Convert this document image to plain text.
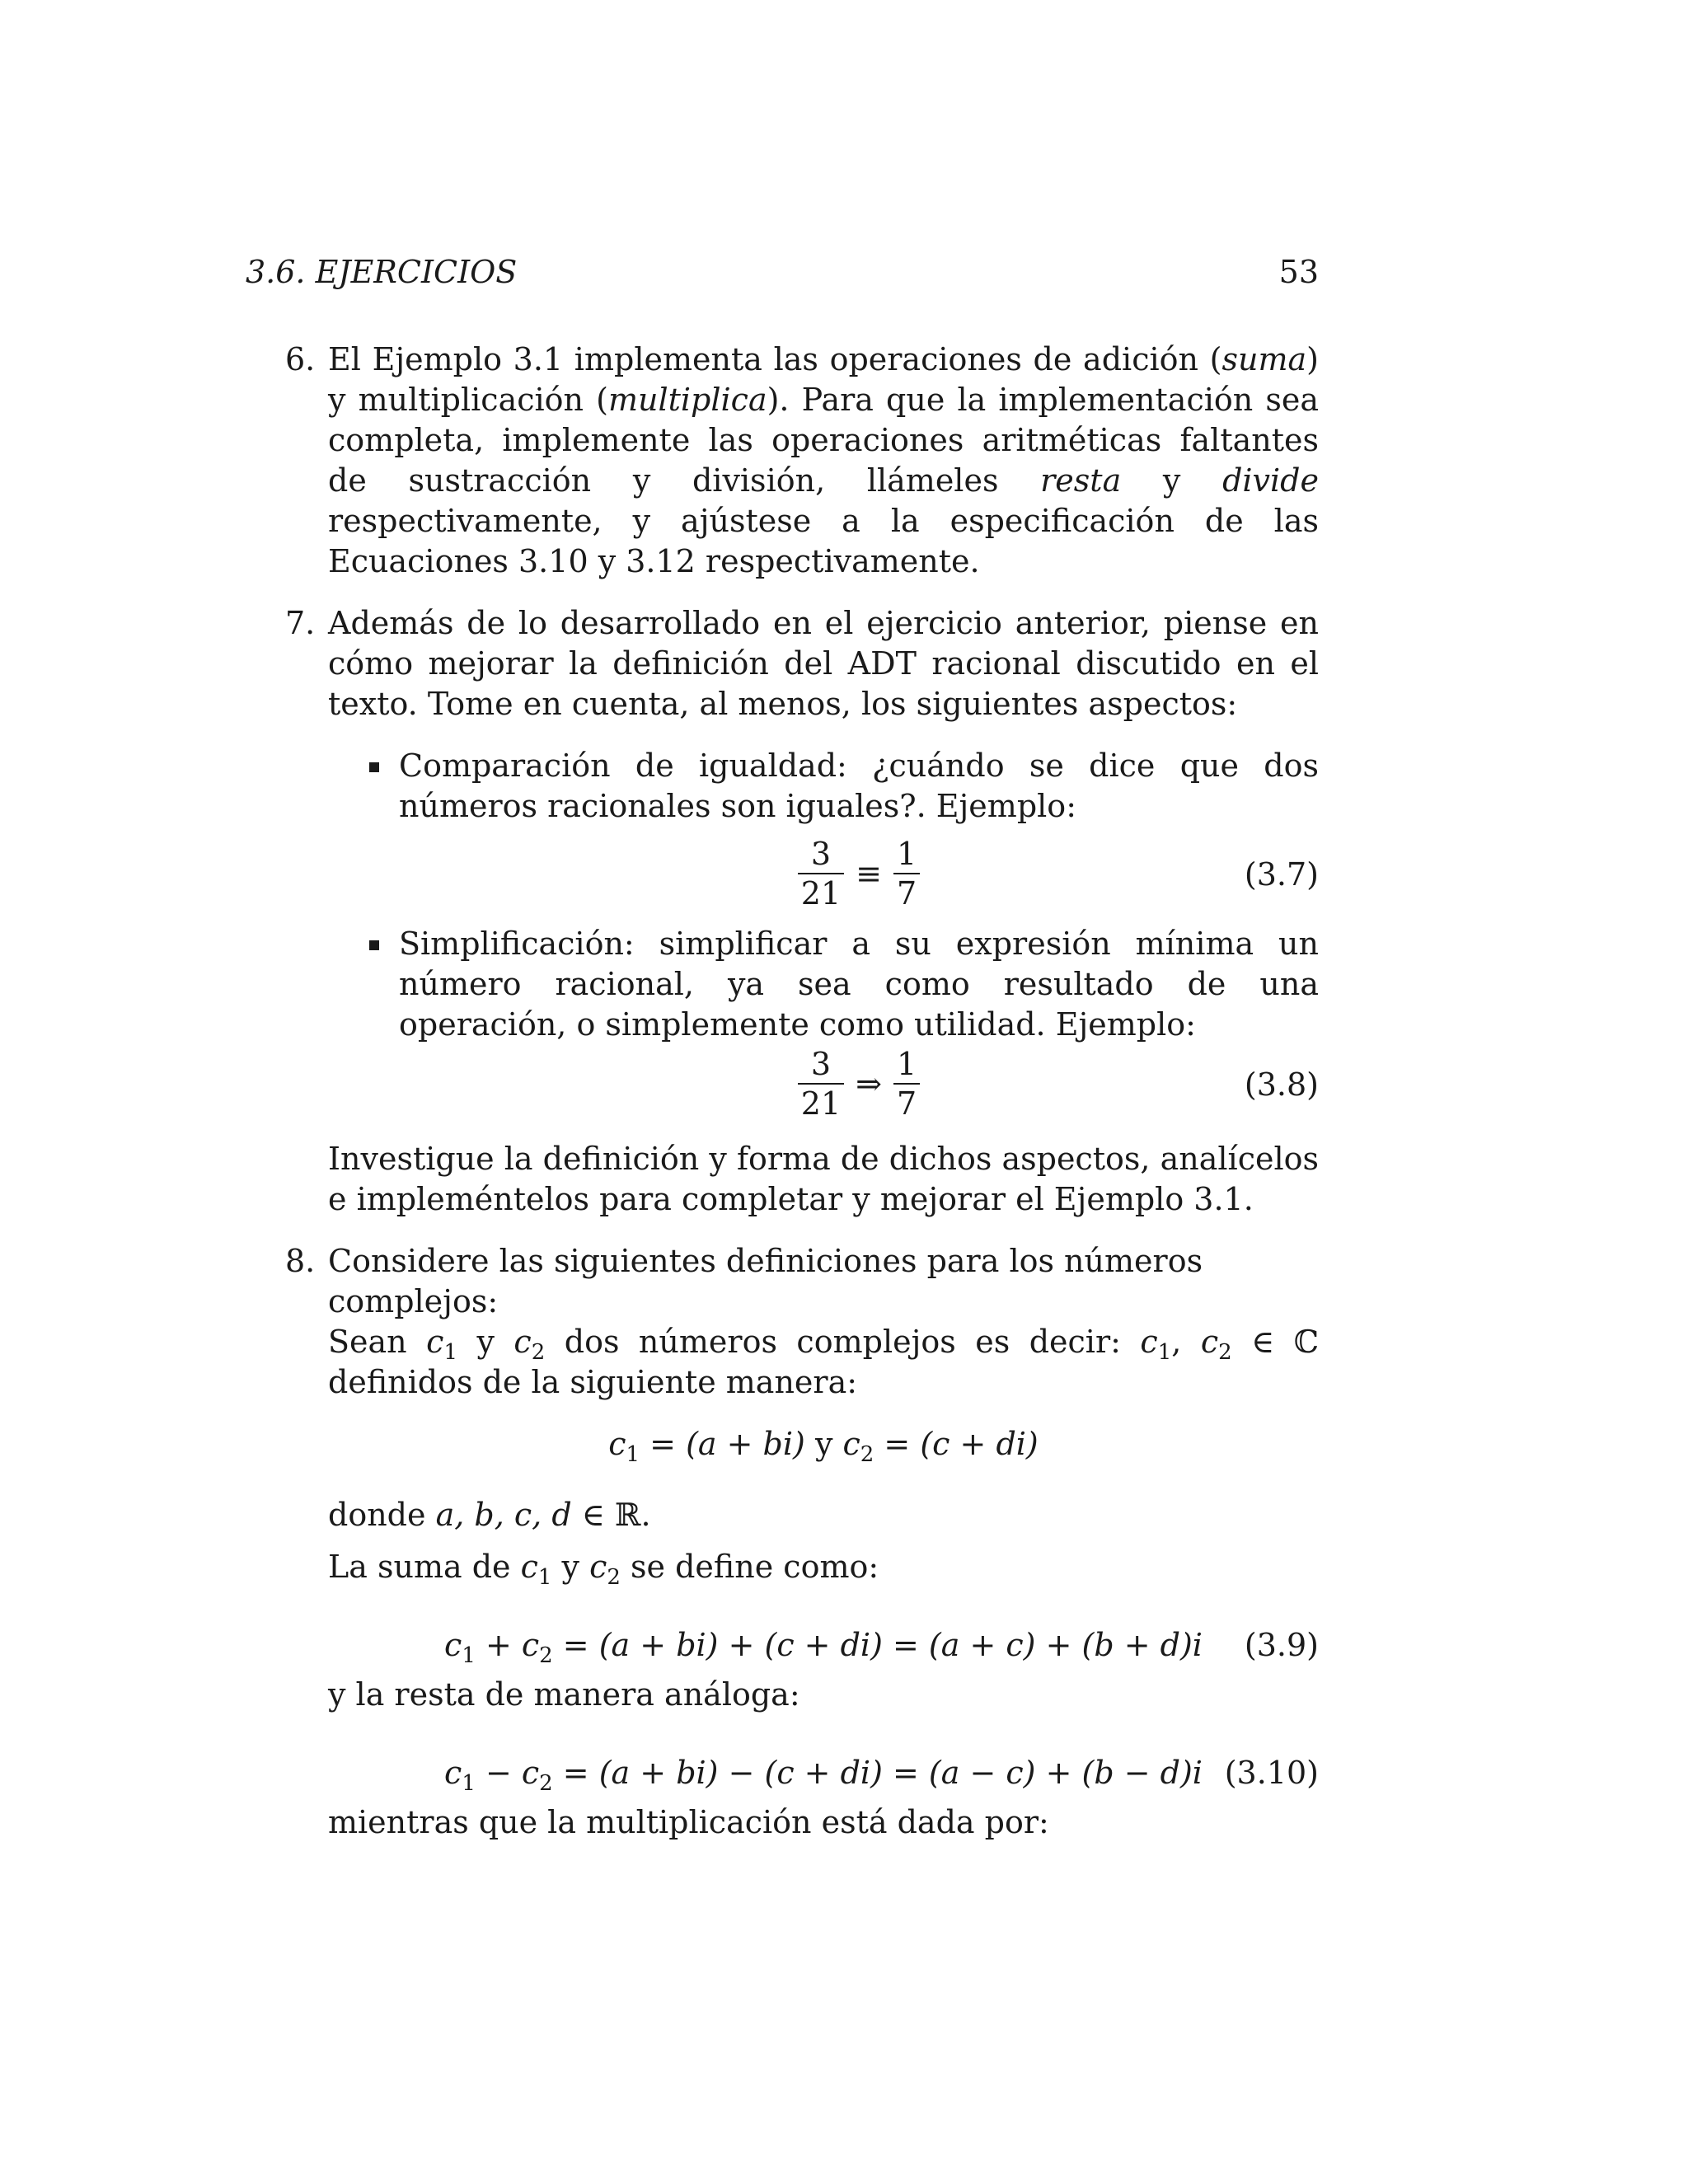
3.6. EJERCICIOS	53
6. El Ejemplo 3.1 implementa las operaciones de adición (suma) y multiplicación (multiplica). Para que la implementación sea completa, implemente las operaciones aritméticas faltantes de sustracción y división, llámeles resta y divide respectivamente, y ajústese a la especificación de las Ecuaciones 3.10 y 3.12 respectivamente.

7. Además de lo desarrollado en el ejercicio anterior, piense en cómo mejorar la definición del ADT racional discutido en el texto. Tome en cuenta, al menos, los siguientes aspectos:

Comparación de igualdad: ¿cuándo se dice que dos números racionales son iguales?. Ejemplo:

$\frac{3}{21} \equiv \frac{1}{7}$	(3.7)

Simplificación: simplificar a su expresión mínima un número racional, ya sea como resultado de una operación, o simplemente como utilidad. Ejemplo:

$\frac{3}{21}$ ⇒ $\frac{1}{7}$	(3.8)

Investigue la definición y forma de dichos aspectos, analícelos e impleméntelos para completar y mejorar el Ejemplo 3.1.

8. Considere las siguientes definiciones para los números complejos:

Sean $c_1$ y $c_2$ dos números complejos es decir: $c_1$, $c_2$ ∈ ℂ definidos de la siguiente manera:

$c_1 = (a + bi)$ y $c_2 = (c + di)$

donde a, b, c, d ∈ ℝ.

La suma de $c_1$ y $c_2$ se define como:

$c_1 + c_2 = (a + bi) + (c + di) = (a + c) + (b + d)i$	(3.9)

y la resta de manera análoga:

$c_1 - c_2 = (a + bi) - (c + di) = (a - c) + (b - d)i$ (3.10)

mientras que la multiplicación está dada por:
